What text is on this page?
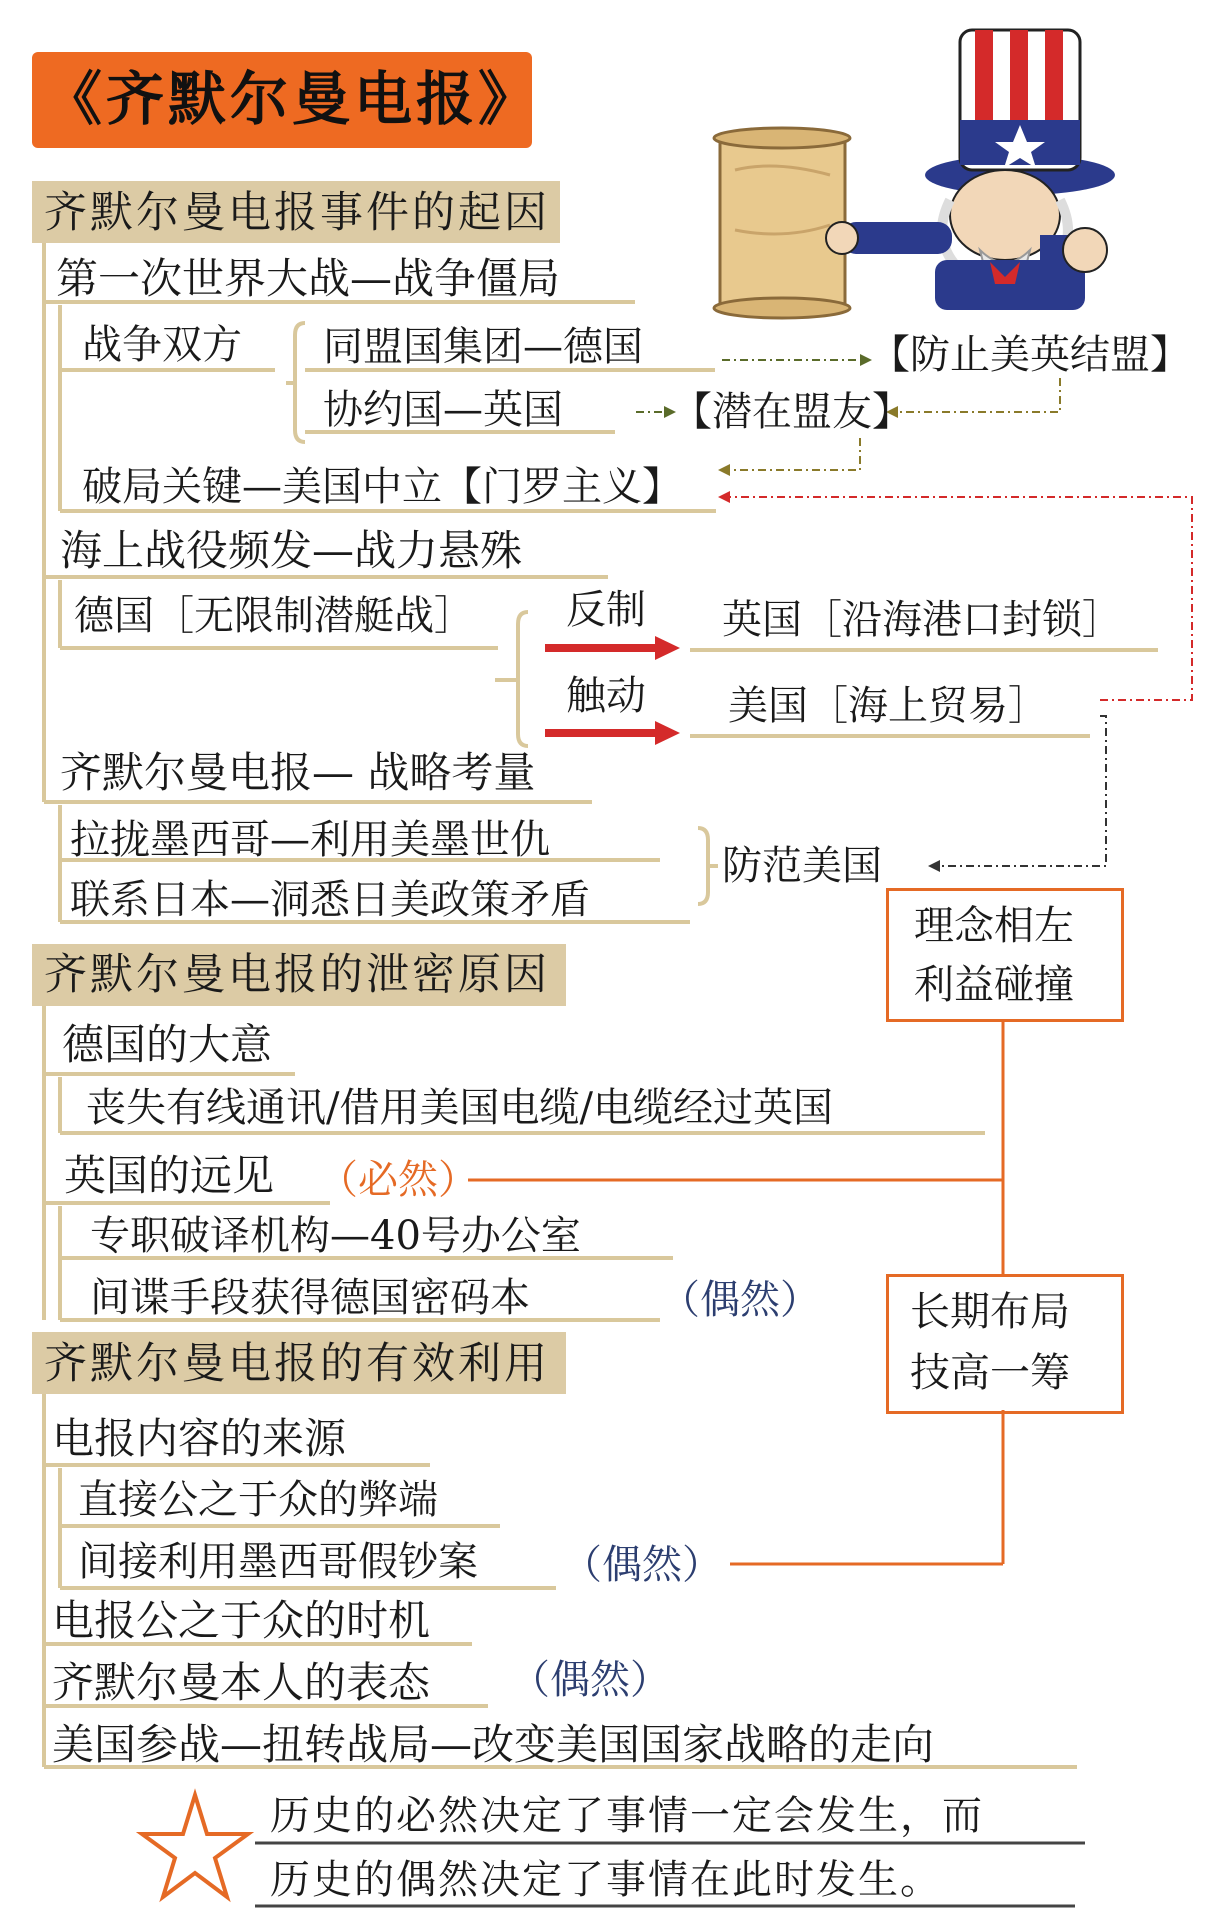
《齐默尔曼电报》
齐默尔曼电报事件的起因
齐默尔曼电报的泄密原因
齐默尔曼电报的有效利用
第一次世界大战—战争僵局
战争双方 同盟国集团—德国
协约国—英国
【防止美英结盟】
【潜在盟友】
破局关键—美国中立【门罗主义】
海上战役频发—战力悬殊
德国［无限制潜艇战］ 反制
触动
英国［沿海港口封锁］
美国［海上贸易］
齐默尔曼电报— 战略考量
拉拢墨西哥—利用美墨世仇
联系日本—洞悉日美政策矛盾
防范美国
理念相左
利益碰撞
德国的大意
丧失有线通讯/借用美国电缆/电缆经过英国
英国的远见 （必然）
专职破译机构—40号办公室
间谍手段获得德国密码本	（偶然） 长期布局
技高一筹
电报内容的来源
直接公之于众的弊端
间接利用墨西哥假钞案 （偶然）
电报公之于众的时机
齐默尔曼本人的表态 （偶然）
美国参战—扭转战局—改变美国国家战略的走向
历史的必然决定了事情一定会发生，而
历史的偶然决定了事情在此时发生。
